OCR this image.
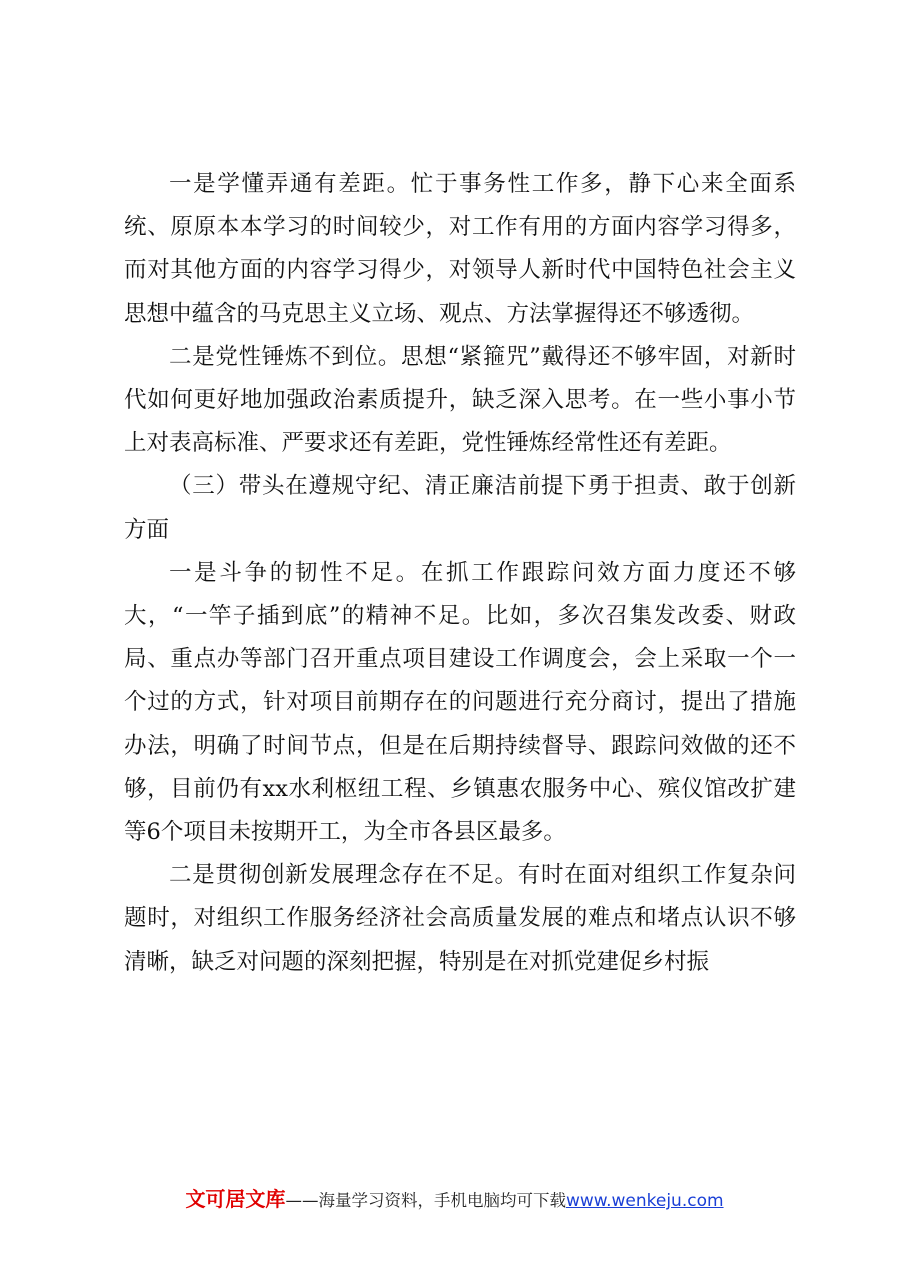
一是学懂弄通有差距。忙于事务性工作多，静下心来全面系统、原原本本学习的时间较少，对工作有用的方面内容学习得多，而对其他方面的内容学习得少，对领导人新时代中国特色社会主义思想中蕴含的马克思主义立场、观点、方法掌握得还不够透彻。

二是党性锤炼不到位。思想“紧箍咒”戴得还不够牢固，对新时代如何更好地加强政治素质提升，缺乏深入思考。在一些小事小节上对表高标准、严要求还有差距，党性锤炼经常性还有差距。

（三）带头在遵规守纪、清正廉洁前提下勇于担责、敢于创新方面

一是斗争的韧性不足。在抓工作跟踪问效方面力度还不够大，“一竿子插到底”的精神不足。比如，多次召集发改委、财政局、重点办等部门召开重点项目建设工作调度会，会上采取一个一个过的方式，针对项目前期存在的问题进行充分商讨，提出了措施办法，明确了时间节点，但是在后期持续督导、跟踪问效做的还不够，目前仍有xx水利枢纽工程、乡镇惠农服务中心、殡仪馆改扩建等6个项目未按期开工，为全市各县区最多。

二是贯彻创新发展理念存在不足。有时在面对组织工作复杂问题时，对组织工作服务经济社会高质量发展的难点和堵点认识不够清晰，缺乏对问题的深刻把握，特别是在对抓党建促乡村振

文可居文库——海量学习资料，手机电脑均可下载www.wenkeju.com
